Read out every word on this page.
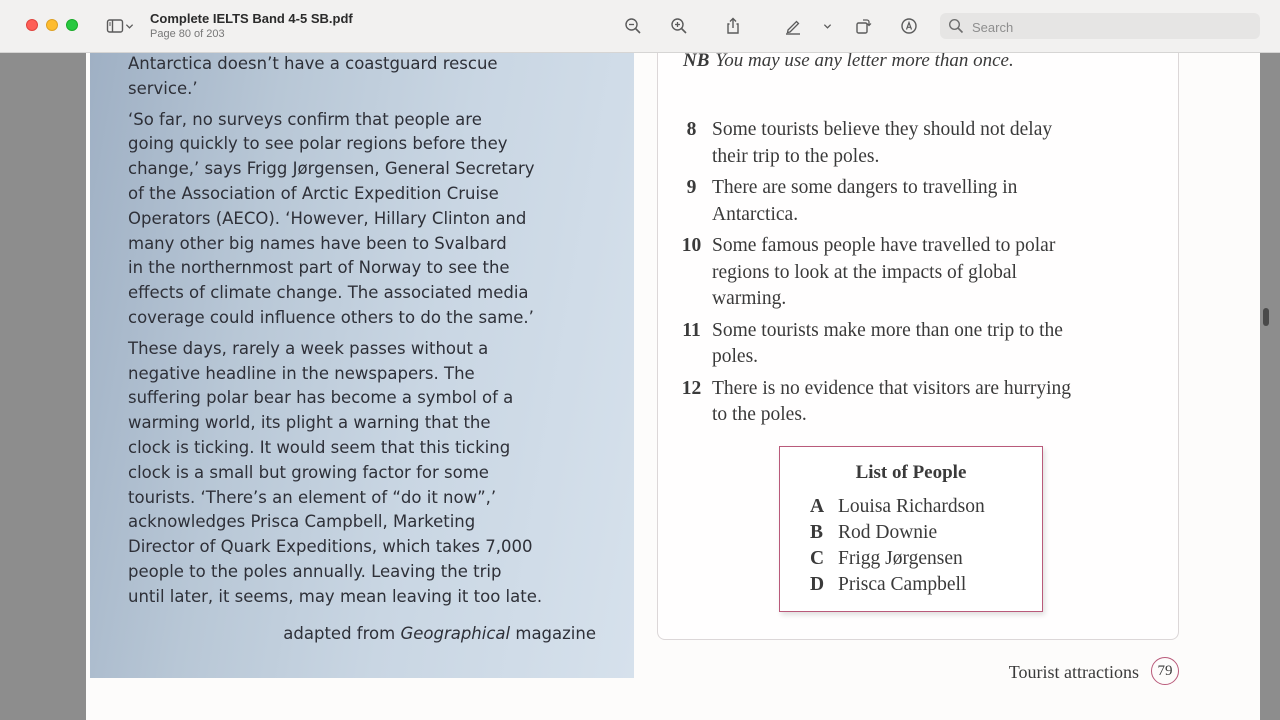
Complete IELTS Band 4-5 SB.pdf
Page 80 of 203
Search

Antarctica doesn’t have a coastguard rescue
service.’

‘So far, no surveys confirm that people are
going quickly to see polar regions before they
change,’ says Frigg Jørgensen, General Secretary
of the Association of Arctic Expedition Cruise
Operators (AECO). ‘However, Hillary Clinton and
many other big names have been to Svalbard
in the northernmost part of Norway to see the
effects of climate change. The associated media
coverage could influence others to do the same.’

These days, rarely a week passes without a
negative headline in the newspapers. The
suffering polar bear has become a symbol of a
warming world, its plight a warning that the
clock is ticking. It would seem that this ticking
clock is a small but growing factor for some
tourists. ‘There’s an element of “do it now”,’
acknowledges Prisca Campbell, Marketing
Director of Quark Expeditions, which takes 7,000
people to the poles annually. Leaving the trip
until later, it seems, may mean leaving it too late.

adapted from Geographical magazine
NB You may use any letter more than once.
8 Some tourists believe they should not delay
their trip to the poles.
9 There are some dangers to travelling in
Antarctica.
10 Some famous people have travelled to polar
regions to look at the impacts of global
warming.
11 Some tourists make more than one trip to the
poles.
12 There is no evidence that visitors are hurrying
to the poles.
List of People
A Louisa Richardson
B Rod Downie
C Frigg Jørgensen
D Prisca Campbell
Tourist attractions	79
